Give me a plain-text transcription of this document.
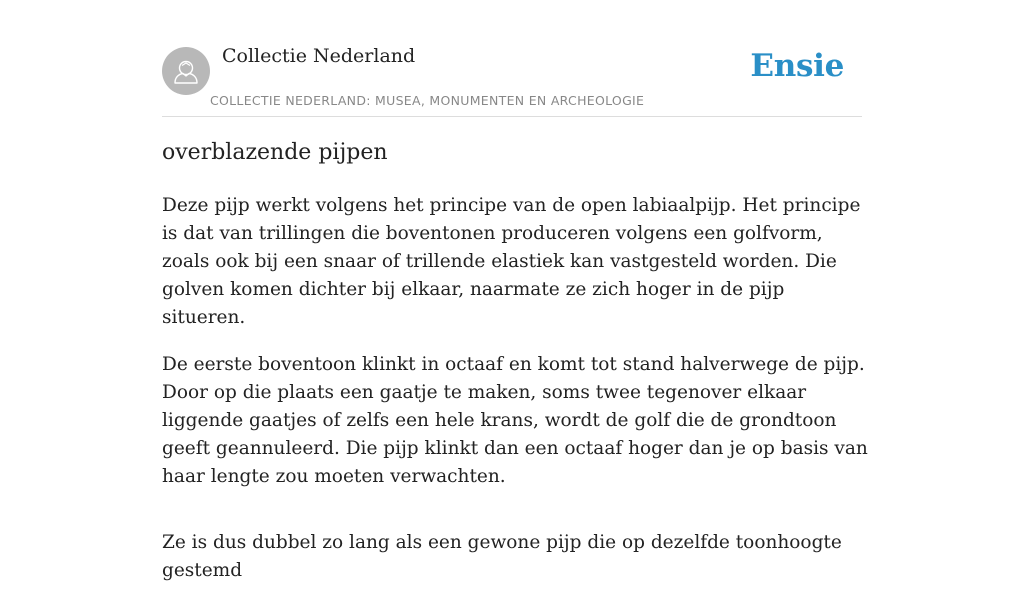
Collectie Nederland
COLLECTIE NEDERLAND: MUSEA, MONUMENTEN EN ARCHEOLOGIE
Ensie
overblazende pijpen

Deze pijp werkt volgens het principe van de open labiaalpijp. Het principe is dat van trillingen die boventonen produceren volgens een golfvorm, zoals ook bij een snaar of trillende elastiek kan vastgesteld worden. Die golven komen dichter bij elkaar, naarmate ze zich hoger in de pijp situeren.

De eerste boventoon klinkt in octaaf en komt tot stand halverwege de pijp. Door op die plaats een gaatje te maken, soms twee tegenover elkaar liggende gaatjes of zelfs een hele krans, wordt de golf die de grondtoon geeft geannuleerd. Die pijp klinkt dan een octaaf hoger dan je op basis van haar lengte zou moeten verwachten.

Ze is dus dubbel zo lang als een gewone pijp die op dezelfde toonhoogte gestemd
